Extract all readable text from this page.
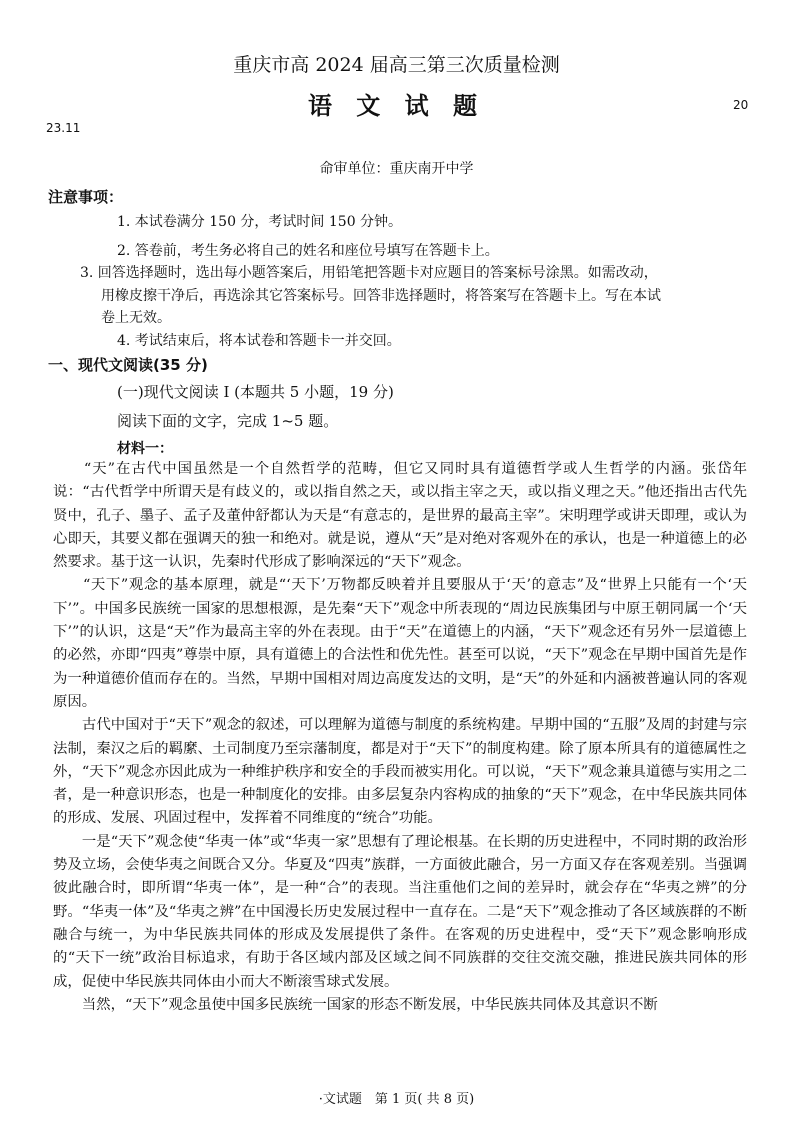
重庆市高 2024 届高三第三次质量检测
语 文 试 题	20
23.11
命审单位：重庆南开中学
注意事项：
1. 本试卷满分 150 分，考试时间 150 分钟。
2. 答卷前，考生务必将自己的姓名和座位号填写在答题卡上。
3. 回答选择题时，选出每小题答案后，用铅笔把答题卡对应题目的答案标号涂黑。如需改动，
用橡皮擦干净后，再选涂其它答案标号。回答非选择题时，将答案写在答题卡上。写在本试
卷上无效。
4. 考试结束后，将本试卷和答题卡一并交回。
一、现代文阅读(35 分)
(一)现代文阅读 I (本题共 5 小题，19 分)
阅读下面的文字，完成 1~5 题。
材料一：

　　“天”在古代中国虽然是一个自然哲学的范畴，但它又同时具有道德哲学或人生哲学的内涵。张岱年说：“古代哲学中所谓天是有歧义的，或以指自然之天，或以指主宰之天，或以指义理之天。”他还指出古代先贤中，孔子、墨子、孟子及董仲舒都认为天是“有意志的，是世界的最高主宰”。宋明理学或讲天即理，或认为心即天，其要义都在强调天的独一和绝对。就是说，遵从“天”是对绝对客观外在的承认，也是一种道德上的必然要求。基于这一认识，先秦时代形成了影响深远的“天下”观念。

　　“天下”观念的基本原理，就是“‘天下’万物都反映着并且要服从于‘天’的意志”及“世界上只能有一个‘天下’”。中国多民族统一国家的思想根源，是先秦“天下”观念中所表现的“周边民族集团与中原王朝同属一个‘天下’”的认识，这是“天”作为最高主宰的外在表现。由于“天”在道德上的内涵，“天下”观念还有另外一层道德上的必然，亦即“四夷”尊崇中原，具有道德上的合法性和优先性。甚至可以说，“天下”观念在早期中国首先是作为一种道德价值而存在的。当然，早期中国相对周边高度发达的文明，是“天”的外延和内涵被普遍认同的客观原因。

　　古代中国对于“天下”观念的叙述，可以理解为道德与制度的系统构建。早期中国的“五服”及周的封建与宗法制，秦汉之后的羁縻、土司制度乃至宗藩制度，都是对于“天下”的制度构建。除了原本所具有的道德属性之外，“天下”观念亦因此成为一种维护秩序和安全的手段而被实用化。可以说，“天下”观念兼具道德与实用之二者，是一种意识形态，也是一种制度化的安排。由多层复杂内容构成的抽象的“天下”观念，在中华民族共同体的形成、发展、巩固过程中，发挥着不同维度的“统合”功能。

　　一是“天下”观念使“华夷一体”或“华夷一家”思想有了理论根基。在长期的历史进程中，不同时期的政治形势及立场，会使华夷之间既合又分。华夏及“四夷”族群，一方面彼此融合，另一方面又存在客观差别。当强调彼此融合时，即所谓“华夷一体”，是一种“合”的表现。当注重他们之间的差异时，就会存在“华夷之辨”的分野。“华夷一体”及“华夷之辨”在中国漫长历史发展过程中一直存在。二是“天下”观念推动了各区域族群的不断融合与统一，为中华民族共同体的形成及发展提供了条件。在客观的历史进程中，受“天下”观念影响形成的“天下一统”政治目标追求，有助于各区域内部及区域之间不同族群的交往交流交融，推进民族共同体的形成，促使中华民族共同体由小而大不断滚雪球式发展。

　　当然，“天下”观念虽使中国多民族统一国家的形态不断发展，中华民族共同体及其意识不断

·文试题　第 1 页( 共 8 页)
